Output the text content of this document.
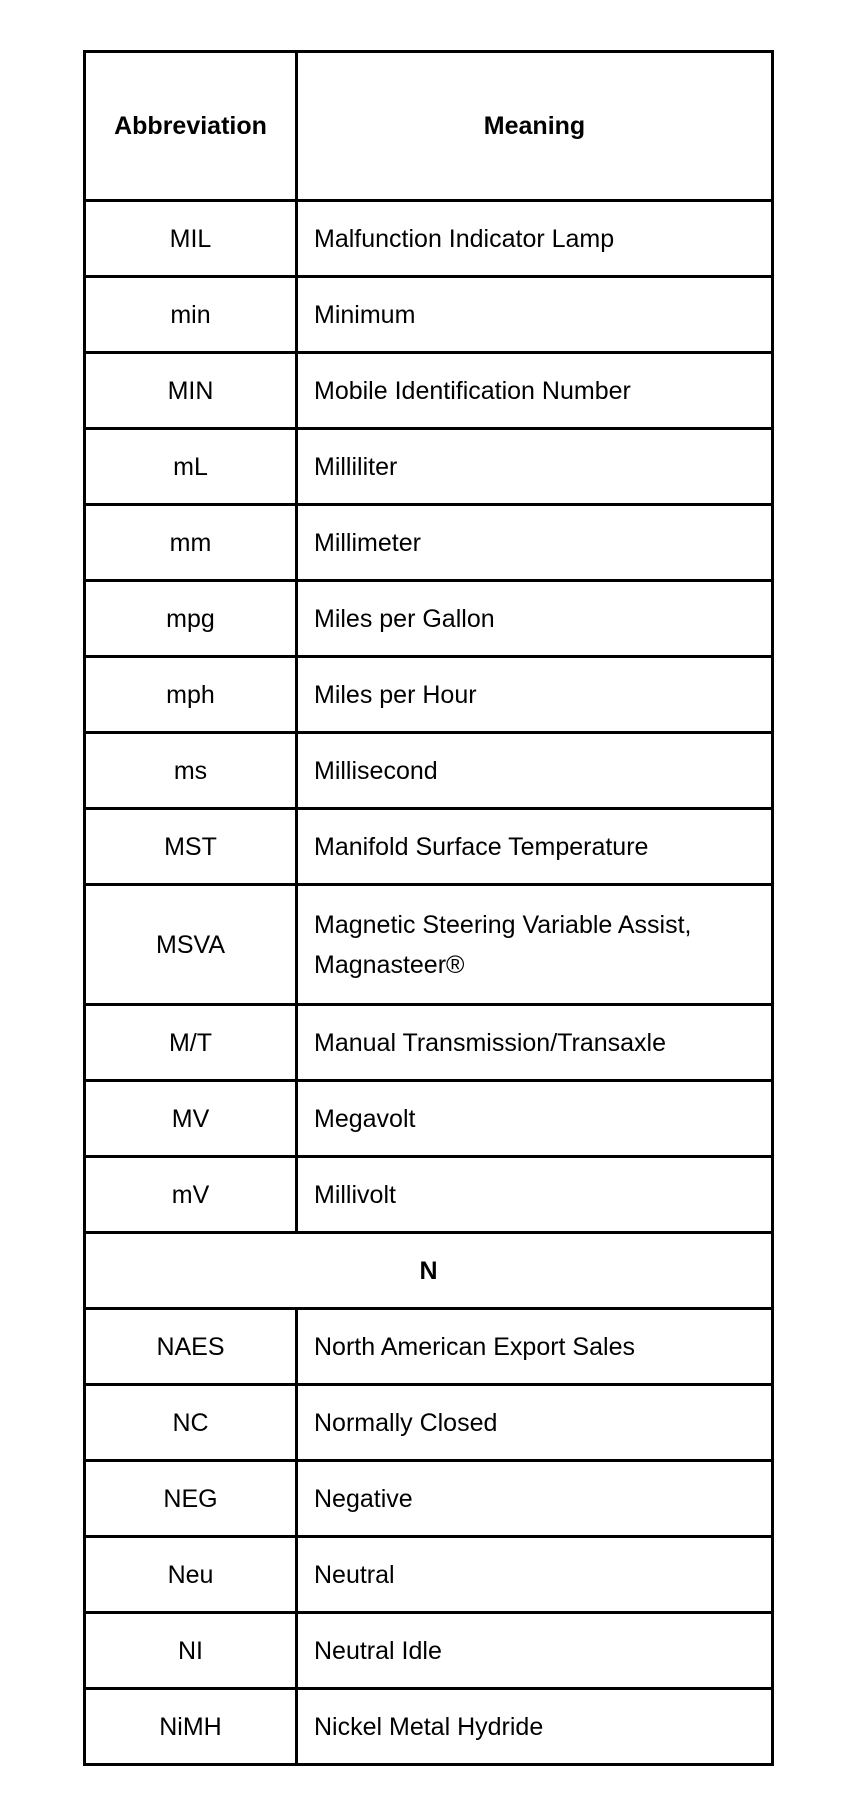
Abbreviation	Meaning
MIL	Malfunction Indicator Lamp
min	Minimum
MIN	Mobile Identification Number
mL	Milliliter
mm	Millimeter
mpg	Miles per Gallon
mph	Miles per Hour
ms	Millisecond
MST	Manifold Surface Temperature
MSVA	Magnetic Steering Variable Assist, Magnasteer®
M/T	Manual Transmission/Transaxle
MV	Megavolt
mV	Millivolt
N	
NAES	North American Export Sales
NC	Normally Closed
NEG	Negative
Neu	Neutral
NI	Neutral Idle
NiMH	Nickel Metal Hydride
